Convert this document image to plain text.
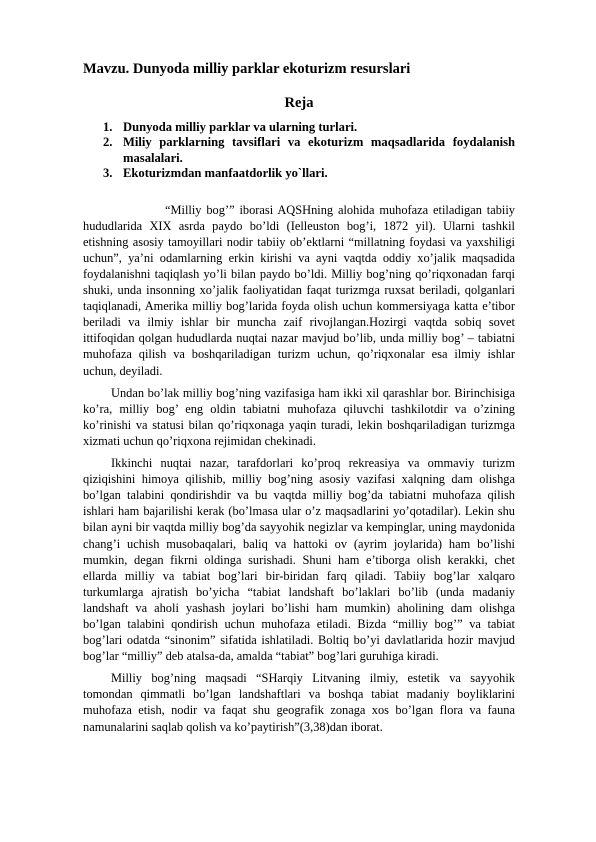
Mavzu. Dunyoda milliy parklar ekoturizm resurslari
Reja
1. Dunyoda milliy parklar va ularning turlari.
2. Miliy parklarning tavsiflari va ekoturizm maqsadlarida foydalanish masalalari.
3. Ekoturizmdan manfaatdorlik yo`llari.

“Milliy bog’” iborasi AQSHning alohida muhofaza etiladigan tabiiy hududlarida XIX asrda paydo bo’ldi (Ielleuston bog’i, 1872 yil). Ularni tashkil etishning asosiy tamoyillari nodir tabiiy ob’ektlarni “millatning foydasi va yaxshiligi uchun”, ya’ni odamlarning erkin kirishi va ayni vaqtda oddiy xo’jalik maqsadida foydalanishni taqiqlash yo’li bilan paydo bo’ldi. Milliy bog’ning qo’riqxonadan farqi shuki, unda insonning xo’jalik faoliyatidan faqat turizmga ruxsat beriladi, qolganlari taqiqlanadi, Amerika milliy bog’larida foyda olish uchun kommersiyaga katta e’tibor beriladi va ilmiy ishlar bir muncha zaif rivojlangan.Hozirgi vaqtda sobiq sovet ittifoqidan qolgan hududlarda nuqtai nazar mavjud bo’lib, unda milliy bog’ – tabiatni muhofaza qilish va boshqariladigan turizm uchun, qo’riqxonalar esa ilmiy ishlar uchun, deyiladi.

Undan bo’lak milliy bog’ning vazifasiga ham ikki xil qarashlar bor. Birinchisiga ko’ra, milliy bog’ eng oldin tabiatni muhofaza qiluvchi tashkilotdir va o’zining ko’rinishi va statusi bilan qo’riqxonaga yaqin turadi, lekin boshqariladigan turizmga xizmati uchun qo’riqxona rejimidan chekinadi.

Ikkinchi nuqtai nazar, tarafdorlari ko’proq rekreasiya va ommaviy turizm qiziqishini himoya qilishib, milliy bog’ning asosiy vazifasi xalqning dam olishga bo’lgan talabini qondirishdir va bu vaqtda milliy bog’da tabiatni muhofaza qilish ishlari ham bajarilishi kerak (bo’lmasa ular o’z maqsadlarini yo’qotadilar). Lekin shu bilan ayni bir vaqtda milliy bog’da sayyohik negizlar va kempinglar, uning maydonida chang’i uchish musobaqalari, baliq va hattoki ov (ayrim joylarida) ham bo’lishi mumkin, degan fikrni oldinga surishadi. Shuni ham e’tiborga olish kerakki, chet ellarda milliy va tabiat bog’lari bir-biridan farq qiladi. Tabiiy bog’lar xalqaro turkumlarga ajratish bo’yicha “tabiat landshaft bo’laklari bo’lib (unda madaniy landshaft va aholi yashash joylari bo’lishi ham mumkin) aholining dam olishga bo’lgan talabini qondirish uchun muhofaza etiladi. Bizda “milliy bog’” va tabiat bog’lari odatda “sinonim” sifatida ishlatiladi. Boltiq bo’yi davlatlarida hozir mavjud bog’lar “milliy” deb atalsa-da, amalda “tabiat” bog’lari guruhiga kiradi.

Milliy bog’ning maqsadi “SHarqiy Litvaning ilmiy, estetik va sayyohik tomondan qimmatli bo’lgan landshaftlari va boshqa tabiat madaniy boyliklarini muhofaza etish, nodir va faqat shu geografik zonaga xos bo’lgan flora va fauna namunalarini saqlab qolish va ko’paytirish”(3,38)dan iborat.
